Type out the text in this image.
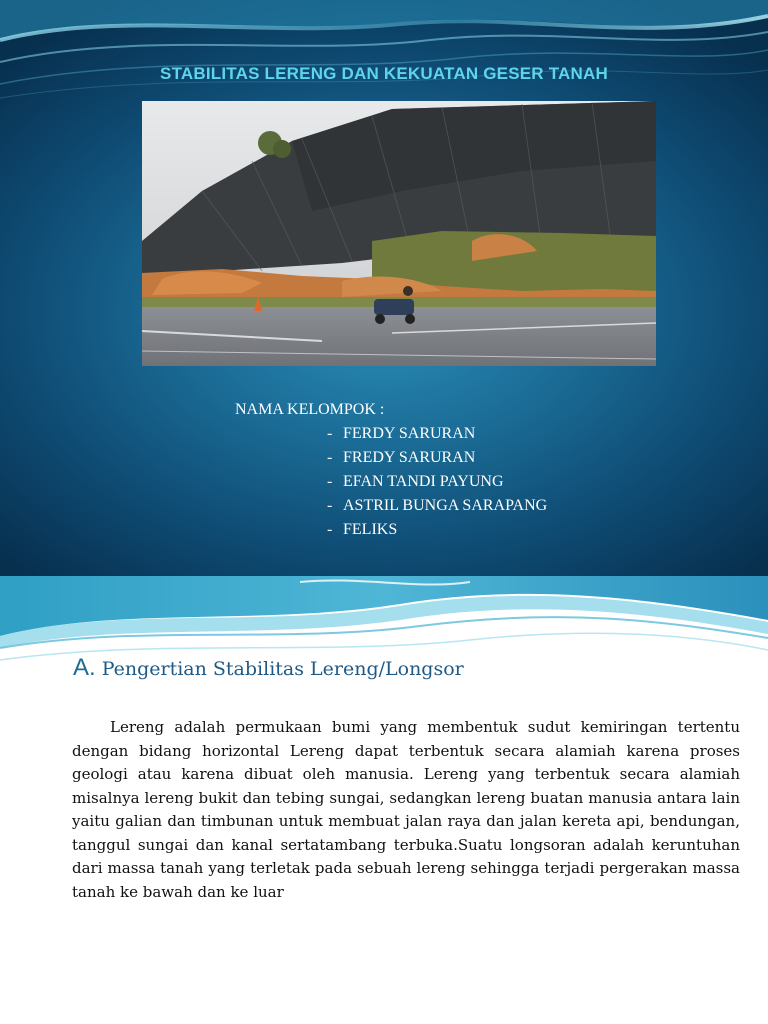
STABILITAS LERENG DAN KEKUATAN GESER TANAH

NAMA KELOMPOK :

- FERDY SARURAN
- FREDY SARURAN
- EFAN TANDI PAYUNG
- ASTRIL BUNGA SARAPANG
- FELIKS
A. Pengertian Stabilitas Lereng/Longsor

Lereng adalah permukaan bumi yang membentuk sudut kemiringan tertentu dengan bidang horizontal Lereng dapat terbentuk secara alamiah karena proses geologi atau karena dibuat oleh manusia. Lereng yang terbentuk secara alamiah misalnya lereng bukit dan tebing sungai, sedangkan lereng buatan manusia antara lain yaitu galian dan timbunan untuk membuat jalan raya dan jalan kereta api, bendungan, tanggul sungai dan kanal sertatambang terbuka.Suatu longsoran adalah keruntuhan dari massa tanah yang terletak pada sebuah lereng sehingga terjadi pergerakan massa tanah ke bawah dan ke luar
